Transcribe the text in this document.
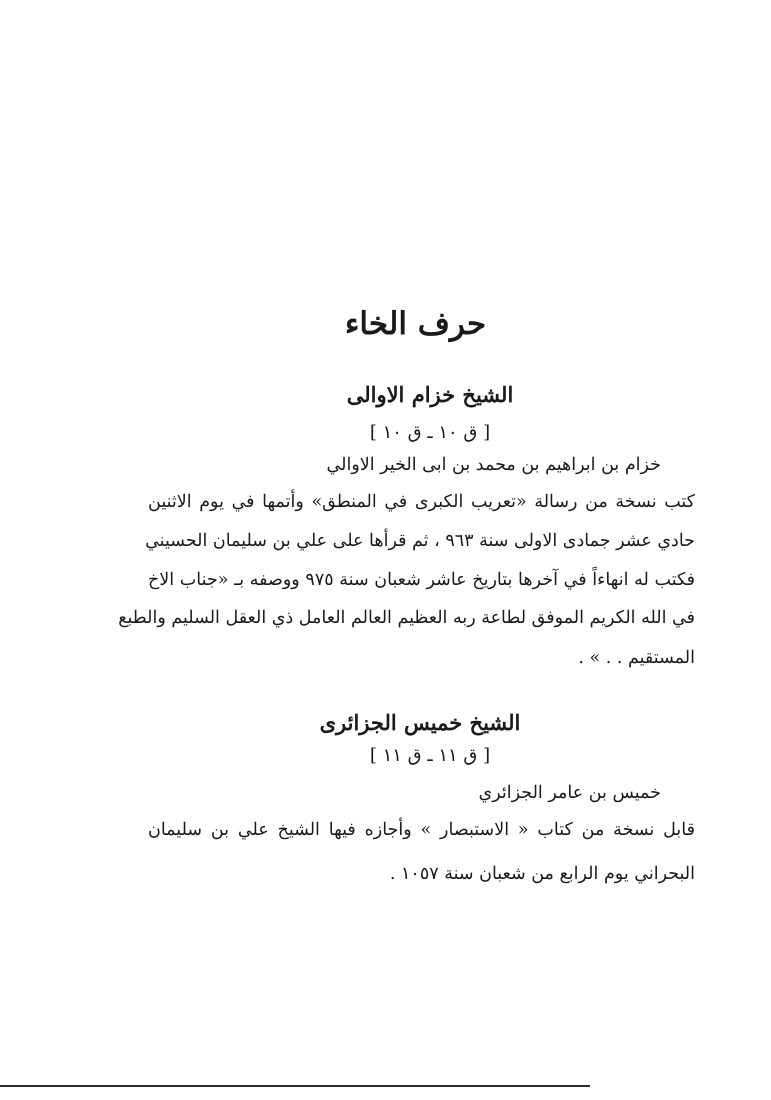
حرف الخاء
الشيخ خزام الاوالى
[ ق ١٠ ـ ق ١٠ ]
خزام بن ابراهيم بن محمد بن ابى الخير الاوالي
كتب نسخة من رسالة «تعريب الكبرى في المنطق» وأتمها في يوم الاثنين
حادي عشر جمادى الاولى سنة ٩٦٣ ، ثم قرأها على علي بن سليمان الحسيني
فكتب له انهاءاً في آخرها بتاريخ عاشر شعبان سنة ٩٧٥ ووصفه بـ «جناب الاخ
في الله الكريم الموفق لطاعة ربه العظيم العالم العامل ذي العقل السليم والطبع
المستقيم . . » .
الشيخ خميس الجزائرى
[ ق ١١ ـ ق ١١ ]
خميس بن عامر الجزائري
قابل نسخة من كتاب « الاستبصار » وأجازه فيها الشيخ علي بن سليمان
البحراني يوم الرابع من شعبان سنة ١٠٥٧ .
